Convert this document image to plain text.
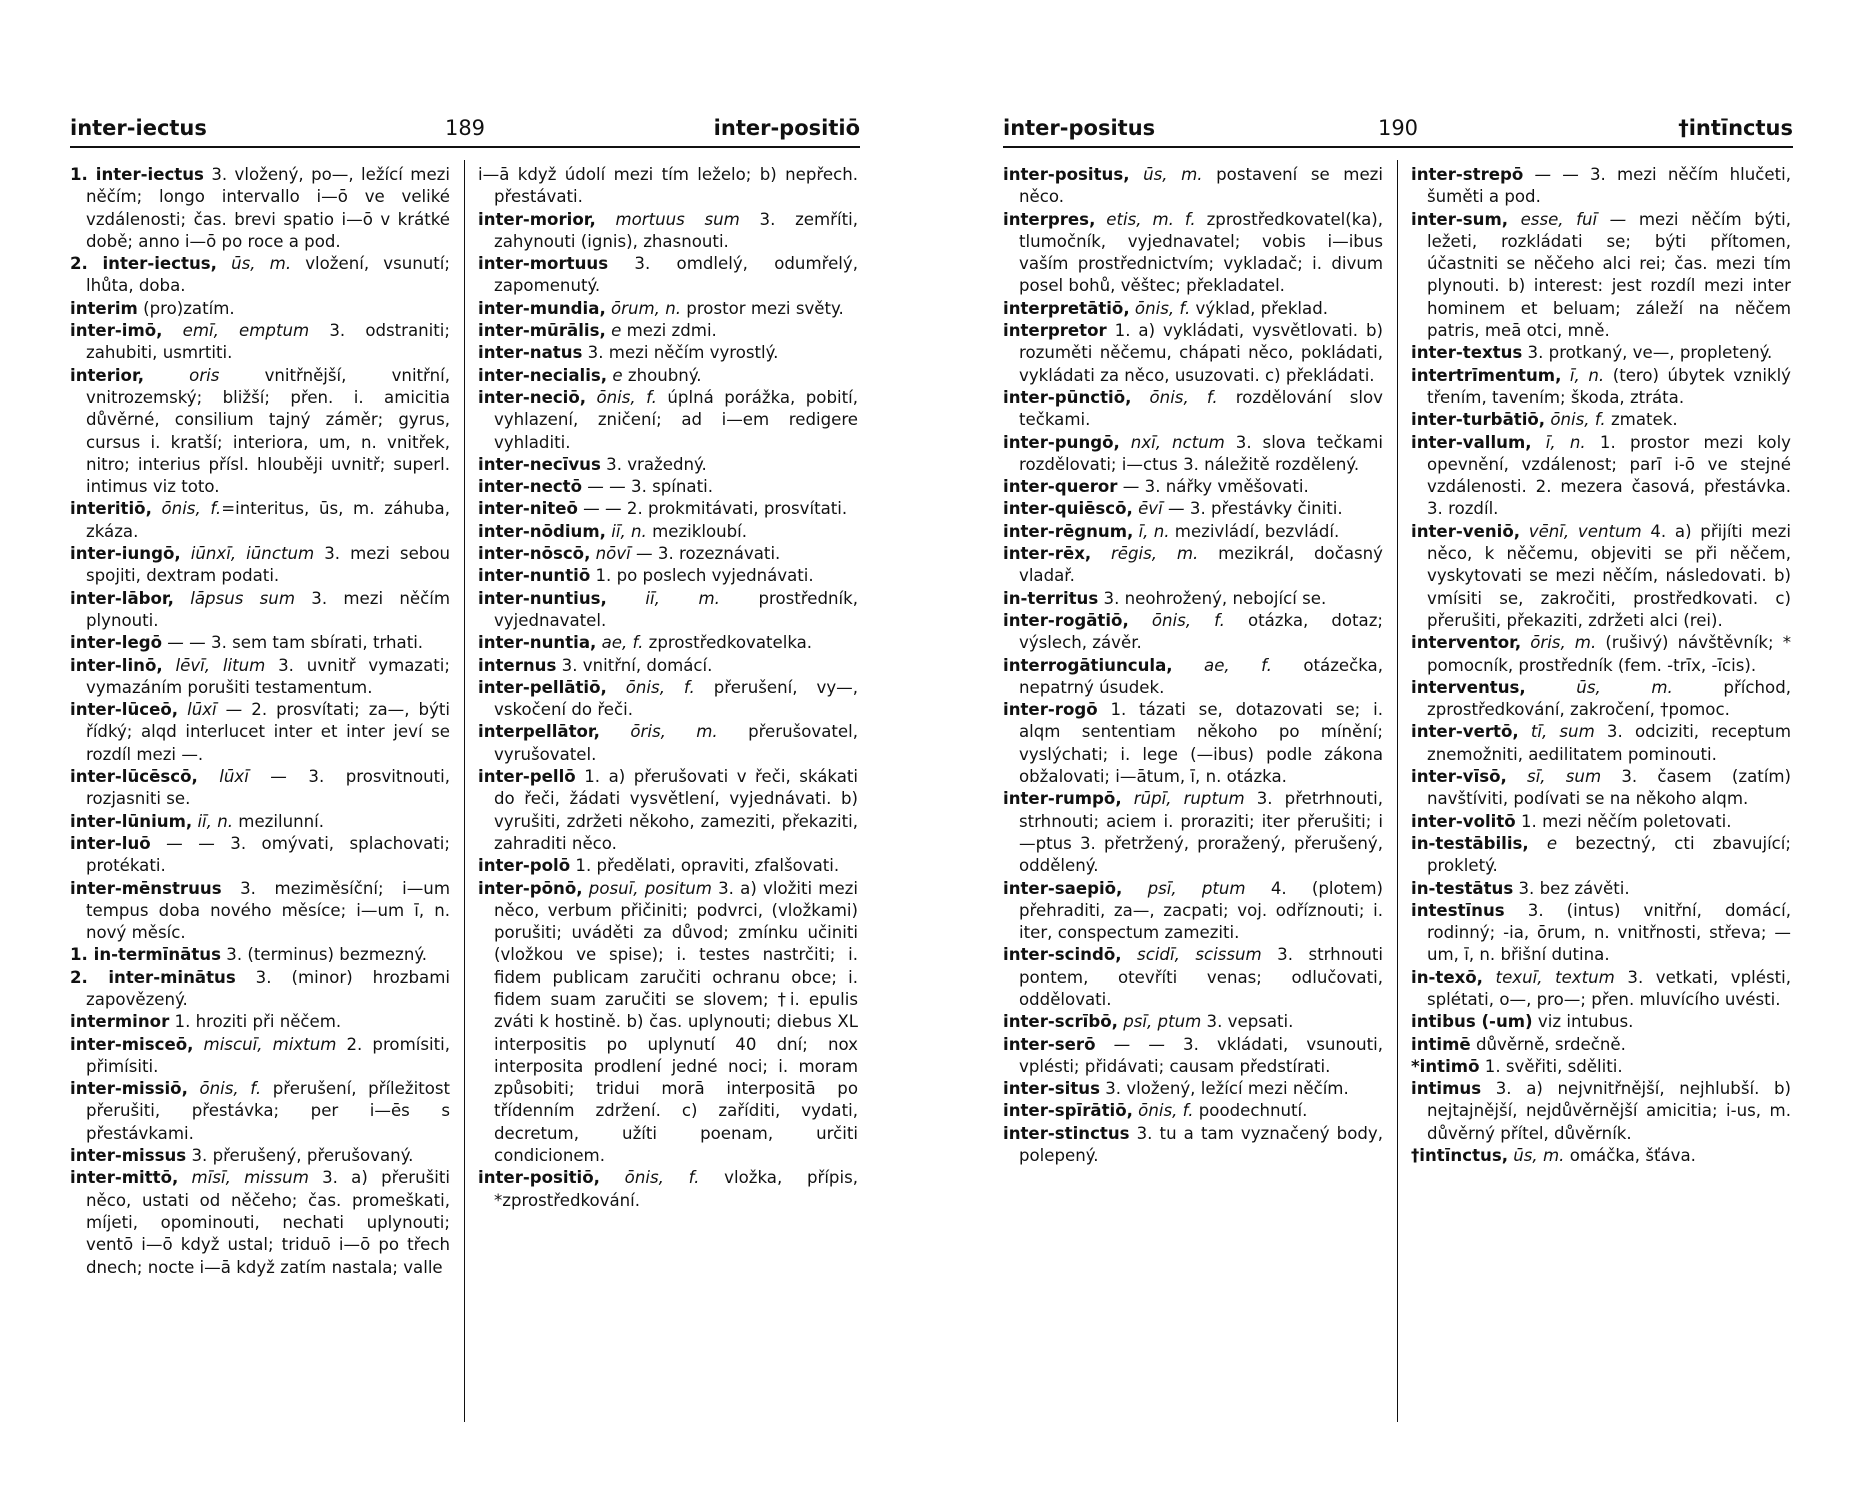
inter-iectus	189	inter-positiō

1. inter-iectus 3. vložený, po—, ležící mezi něčím; longo intervallo i—ō ve veliké vzdálenosti; čas. brevi spatio i—ō v krátké době; anno i—ō po roce a pod.

2. inter-iectus, ūs, m. vložení, vsunutí; lhůta, doba.

interim (pro)zatím.

inter-imō, emī, emptum 3. odstraniti; zahubiti, usmrtiti.

interior, oris vnitřnější, vnitřní, vnitrozemský; bližší; přen. i. amicitia důvěrné, consilium tajný záměr; gyrus, cursus i. kratší; interiora, um, n. vnitřek, nitro; interius přísl. hlouběji uvnitř; superl. intimus viz toto.

interitiō, ōnis, f.=interitus, ūs, m. záhuba, zkáza.

inter-iungō, iūnxī, iūnctum 3. mezi sebou spojiti, dextram podati.

inter-lābor, lāpsus sum 3. mezi něčím plynouti.

inter-legō — — 3. sem tam sbírati, trhati.

inter-linō, lēvī, litum 3. uvnitř vymazati; vymazáním porušiti testamentum.

inter-lūceō, lūxī — 2. prosvítati; za—, býti řídký; alqd interlucet inter et inter jeví se rozdíl mezi —.

inter-lūcēscō, lūxī — 3. prosvitnouti, rozjasniti se.

inter-lūnium, iī, n. mezilunní.

inter-luō — — 3. omývati, splachovati; protékati.

inter-mēnstruus 3. meziměsíční; i—um tempus doba nového měsíce; i—um ī, n. nový měsíc.

1. in-termīnātus 3. (terminus) bezmezný.

2. inter-minātus 3. (minor) hrozbami zapovězený.

interminor 1. hroziti při něčem.

inter-misceō, miscuī, mixtum 2. promísiti, přimísiti.

inter-missiō, ōnis, f. přerušení, příležitost přerušiti, přestávka; per i—ēs s přestávkami.

inter-missus 3. přerušený, přerušovaný.

inter-mittō, mīsī, missum 3. a) přerušiti něco, ustati od něčeho; čas. promeškati, míjeti, opominouti, nechati uplynouti; ventō i—ō když ustal; triduō i—ō po třech dnech; nocte i—ā když zatím nastala; valle

i—ā když údolí mezi tím leželo; b) nepřech. přestávati.

inter-morior, mortuus sum 3. zemříti, zahynouti (ignis), zhasnouti.

inter-mortuus 3. omdlelý, odumřelý, zapomenutý.

inter-mundia, ōrum, n. prostor mezi světy.

inter-mūrālis, e mezi zdmi.

inter-natus 3. mezi něčím vyrostlý.

inter-necialis, e zhoubný.

inter-neciō, ōnis, f. úplná porážka, pobití, vyhlazení, zničení; ad i—em redigere vyhladiti.

inter-necīvus 3. vražedný.

inter-nectō — — 3. spínati.

inter-niteō — — 2. prokmitávati, prosvítati.

inter-nōdium, iī, n. mezikloubí.

inter-nōscō, nōvī — 3. rozeznávati.

inter-nuntiō 1. po poslech vyjednávati.

inter-nuntius, iī, m. prostředník, vyjednavatel.

inter-nuntia, ae, f. zprostředkovatelka.

internus 3. vnitřní, domácí.

inter-pellātiō, ōnis, f. přerušení, vy—, vskočení do řeči.

interpellātor, ōris, m. přerušovatel, vyrušovatel.

inter-pellō 1. a) přerušovati v řeči, skákati do řeči, žádati vysvětlení, vyjednávati. b) vyrušiti, zdržeti někoho, zameziti, překaziti, zahraditi něco.

inter-polō 1. předělati, opraviti, zfalšovati.

inter-pōnō, posuī, positum 3. a) vložiti mezi něco, verbum přičiniti; podvrci, (vložkami) porušiti; uváděti za důvod; zmínku učiniti (vložkou ve spise); i. testes nastrčiti; i. fidem publicam zaručiti ochranu obce; i. fidem suam zaručiti se slovem; †i. epulis zváti k hostině. b) čas. uplynouti; diebus XL interpositis po uplynutí 40 dní; nox interposita prodlení jedné noci; i. moram způsobiti; tridui morā interpositā po třídenním zdržení. c) zaříditi, vydati, decretum, užíti poenam, určiti condicionem.

inter-positiō, ōnis, f. vložka, přípis, *zprostředkování.

inter-positus	190	†intīnctus

inter-positus, ūs, m. postavení se mezi něco.

interpres, etis, m. f. zprostředkovatel(ka), tlumočník, vyjednavatel; vobis i—ibus vaším prostřednictvím; vykladač; i. divum posel bohů, věštec; překladatel.

interpretātiō, ōnis, f. výklad, překlad.

interpretor 1. a) vykládati, vysvětlovati. b) rozuměti něčemu, chápati něco, pokládati, vykládati za něco, usuzovati. c) překládati.

inter-pūnctiō, ōnis, f. rozdělování slov tečkami.

inter-pungō, nxī, nctum 3. slova tečkami rozdělovati; i—ctus 3. náležitě rozdělený.

inter-queror — 3. nářky vměšovati.

inter-quiēscō, ēvī — 3. přestávky činiti.

inter-rēgnum, ī, n. mezivládí, bezvládí.

inter-rēx, rēgis, m. mezikrál, dočasný vladař.

in-territus 3. neohrožený, nebojící se.

inter-rogātiō, ōnis, f. otázka, dotaz; výslech, závěr.

interrogātiuncula, ae, f. otázečka, nepatrný úsudek.

inter-rogō 1. tázati se, dotazovati se; i. alqm sententiam někoho po mínění; vyslýchati; i. lege (—ibus) podle zákona obžalovati; i—ātum, ī, n. otázka.

inter-rumpō, rūpī, ruptum 3. přetrhnouti, strhnouti; aciem i. proraziti; iter přerušiti; i—ptus 3. přetržený, proražený, přerušený, oddělený.

inter-saepiō, psī, ptum 4. (plotem) přehraditi, za—, zacpati; voj. odříznouti; i. iter, conspectum zameziti.

inter-scindō, scidī, scissum 3. strhnouti pontem, otevříti venas; odlučovati, oddělovati.

inter-scrībō, psī, ptum 3. vepsati.

inter-serō — — 3. vkládati, vsunouti, vplésti; přidávati; causam předstírati.

inter-situs 3. vložený, ležící mezi něčím.

inter-spīrātiō, ōnis, f. poodechnutí.

inter-stinctus 3. tu a tam vyznačený body, polepený.

inter-strepō — — 3. mezi něčím hlučeti, šuměti a pod.

inter-sum, esse, fuī — mezi něčím býti, ležeti, rozkládati se; býti přítomen, účastniti se něčeho alci rei; čas. mezi tím plynouti. b) interest: jest rozdíl mezi inter hominem et beluam; záleží na něčem patris, meā otci, mně.

inter-textus 3. protkaný, ve—, propletený.

intertrīmentum, ī, n. (tero) úbytek vzniklý třením, tavením; škoda, ztráta.

inter-turbātiō, ōnis, f. zmatek.

inter-vallum, ī, n. 1. prostor mezi koly opevnění, vzdálenost; parī i-ō ve stejné vzdálenosti. 2. mezera časová, přestávka. 3. rozdíl.

inter-veniō, vēnī, ventum 4. a) přijíti mezi něco, k něčemu, objeviti se při něčem, vyskytovati se mezi něčím, následovati. b) vmísiti se, zakročiti, prostředkovati. c) přerušiti, překaziti, zdržeti alci (rei).

interventor, ōris, m. (rušivý) návštěvník; * pomocník, prostředník (fem. -trīx, -īcis).

interventus, ūs, m. příchod, zprostředkování, zakročení, †pomoc.

inter-vertō, tī, sum 3. odciziti, receptum znemožniti, aedilitatem pominouti.

inter-vīsō, sī, sum 3. časem (zatím) navštíviti, podívati se na někoho alqm.

inter-volitō 1. mezi něčím poletovati.

in-testābilis, e bezectný, cti zbavující; prokletý.

in-testātus 3. bez závěti.

intestīnus 3. (intus) vnitřní, domácí, rodinný; -ia, ōrum, n. vnitřnosti, střeva; —um, ī, n. břišní dutina.

in-texō, texuī, textum 3. vetkati, vplésti, splétati, o—, pro—; přen. mluvícího uvésti.

intibus (-um) viz intubus.

intimē důvěrně, srdečně.

*intimō 1. svěřiti, sděliti.

intimus 3. a) nejvnitřnější, nejhlubší. b) nejtajnější, nejdůvěrnější amicitia; i-us, m. důvěrný přítel, důvěrník.

†intīnctus, ūs, m. omáčka, šťáva.
